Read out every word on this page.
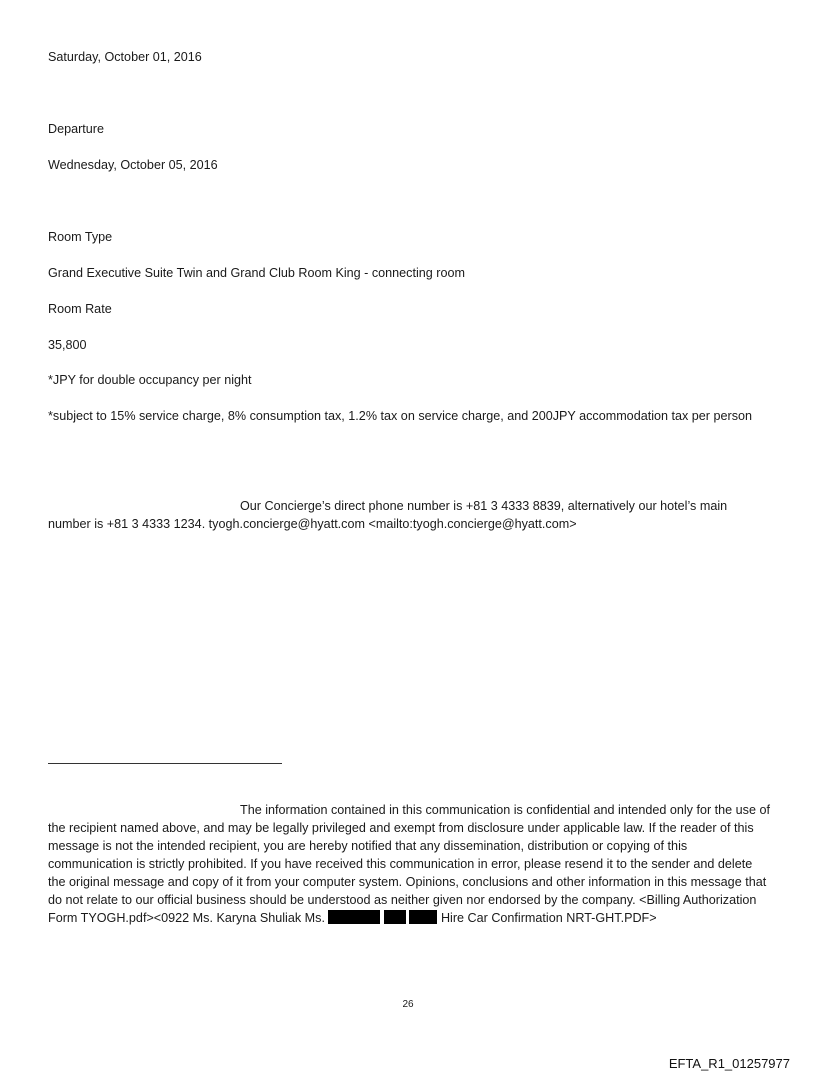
Saturday, October 01, 2016
Departure
Wednesday, October 05, 2016
Room Type
Grand Executive Suite Twin and Grand Club Room King - connecting room
Room Rate
35,800
*JPY for double occupancy per night
*subject to 15% service charge, 8% consumption tax, 1.2% tax on service charge, and 200JPY accommodation tax per person
Our Concierge’s direct phone number is +81 3 4333 8839, alternatively our hotel’s main number is +81 3 4333 1234. tyogh.concierge@hyatt.com <mailto:tyogh.concierge@hyatt.com>
The information contained in this communication is confidential and intended only for the use of the recipient named above, and may be legally privileged and exempt from disclosure under applicable law. If the reader of this message is not the intended recipient, you are hereby notified that any dissemination, distribution or copying of this communication is strictly prohibited. If you have received this communication in error, please resend it to the sender and delete the original message and copy of it from your computer system. Opinions, conclusions and other information in this message that do not relate to our official business should be understood as neither given nor endorsed by the company. <Billing Authorization Form TYOGH.pdf><0922 Ms. Karyna Shuliak Ms.	Hire Car Confirmation NRT-GHT.PDF>
26
EFTA_R1_01257977
